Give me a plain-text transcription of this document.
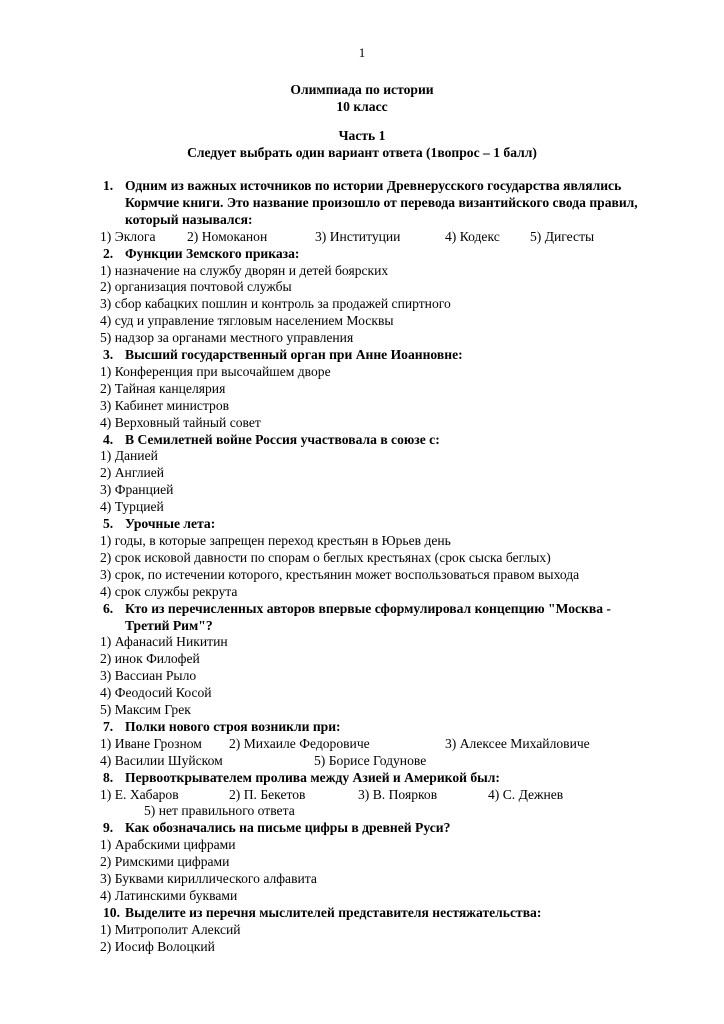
1
Олимпиада по истории
10 класс
Часть 1
Следует выбрать один вариант ответа (1вопрос – 1 балл)
1. Одним из важных источников по истории Древнерусского государства являлись Кормчие книги. Это название произошло от перевода византийского свода правил, который назывался:
1) Эклога 2) Номоканон	3) Институции	4) Кодекс 5) Дигесты
2. Функции Земского приказа:
1) назначение на службу дворян и детей боярских
2) организация почтовой службы
3) сбор кабацких пошлин и контроль за продажей спиртного
4) суд и управление тягловым населением Москвы
5) надзор за органами местного управления
3. Высший государственный орган при Анне Иоанновне:
1) Конференция при высочайшем дворе
2) Тайная канцелярия
3) Кабинет министров
4) Верховный тайный совет
4. В Семилетней войне Россия участвовала в союзе с:
1) Данией
2) Англией
3) Францией
4) Турцией
5. Урочные лета:
1) годы, в которые запрещен переход крестьян в Юрьев день
2) срок исковой давности по спорам о беглых крестьянах (срок сыска беглых)
3) срок, по истечении которого, крестьянин может воспользоваться правом выхода
4) срок службы рекрута
6. Кто из перечисленных авторов впервые сформулировал концепцию "Москва - Третий Рим"?
1) Афанасий Никитин
2) инок Филофей
3) Вассиан Рыло
4) Феодосий Косой
5) Максим Грек
7. Полки нового строя возникли при:
1) Иване Грозном 2) Михаиле Федоровиче	3) Алексее Михайловиче
4) Василии Шуйском	5) Борисе Годунове
8. Первооткрывателем пролива между Азией и Америкой был:
1) Е. Хабаров	2) П. Бекетов	3) В. Поярков	4) С. Дежнев
5) нет правильного ответа
9. Как обозначались на письме цифры в древней Руси?
1) Арабскими цифрами
2) Римскими цифрами
3) Буквами кириллического алфавита
4) Латинскими буквами
10. Выделите из перечня мыслителей представителя нестяжательства:
1) Митрополит Алексий
2) Иосиф Волоцкий
